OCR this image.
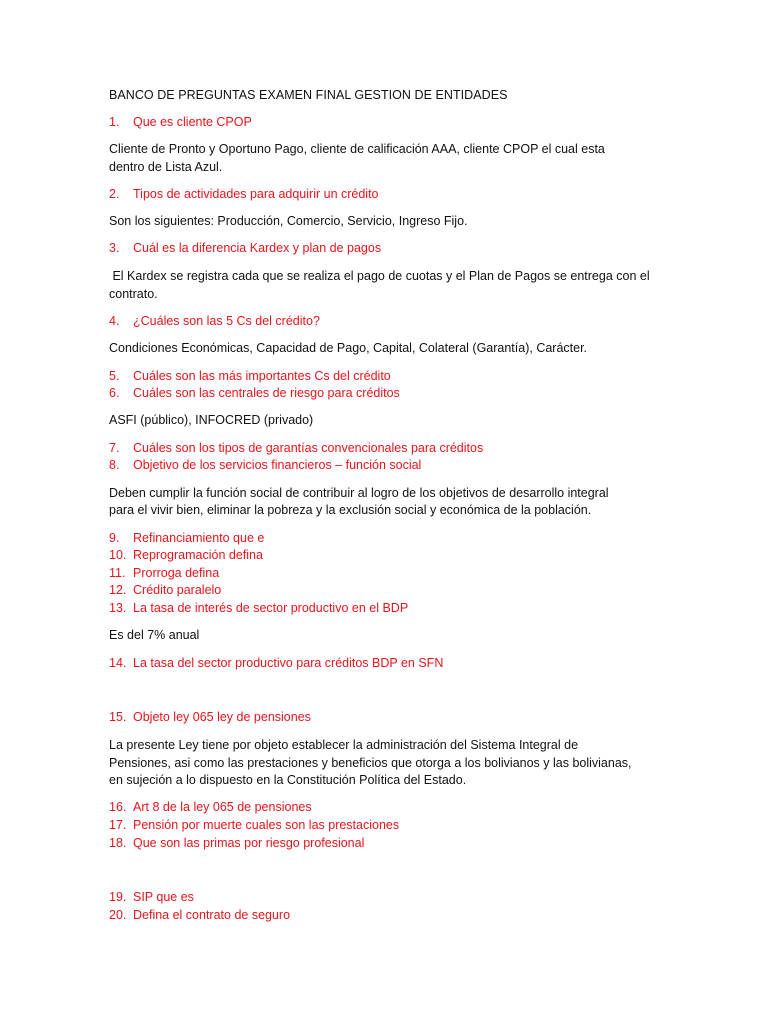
BANCO DE PREGUNTAS EXAMEN FINAL GESTION DE ENTIDADES

1. Que es cliente CPOP

Cliente de Pronto y Oportuno Pago, cliente de calificación AAA, cliente CPOP el cual esta

dentro de Lista Azul.

2. Tipos de actividades para adquirir un crédito

Son los siguientes: Producción, Comercio, Servicio, Ingreso Fijo.

3. Cuál es la diferencia Kardex y plan de pagos

El Kardex se registra cada que se realiza el pago de cuotas y el Plan de Pagos se entrega con el

contrato.

4. ¿Cuáles son las 5 Cs del crédito?

Condiciones Económicas, Capacidad de Pago, Capital, Colateral (Garantía), Carácter.

5. Cuáles son las más importantes Cs del crédito

6. Cuáles son las centrales de riesgo para créditos

ASFI (público), INFOCRED (privado)

7. Cuáles son los tipos de garantías convencionales para créditos

8. Objetivo de los servicios financieros – función social

Deben cumplir la función social de contribuir al logro de los objetivos de desarrollo integral

para el vivir bien, eliminar la pobreza y la exclusión social y económica de la población.

9. Refinanciamiento que e

10. Reprogramación defina

11. Prorroga defina

12. Crédito paralelo

13. La tasa de interés de sector productivo en el BDP

Es del 7% anual

14. La tasa del sector productivo para créditos BDP en SFN

15. Objeto ley 065 ley de pensiones

La presente Ley tiene por objeto establecer la administración del Sistema Integral de

Pensiones, asi como las prestaciones y beneficios que otorga a los bolivianos y las bolivianas,

en sujeción a lo dispuesto en la Constitución Política del Estado.

16. Art 8 de la ley 065 de pensiones

17. Pensión por muerte cuales son las prestaciones

18. Que son las primas por riesgo profesional

19. SIP que es

20. Defina el contrato de seguro
